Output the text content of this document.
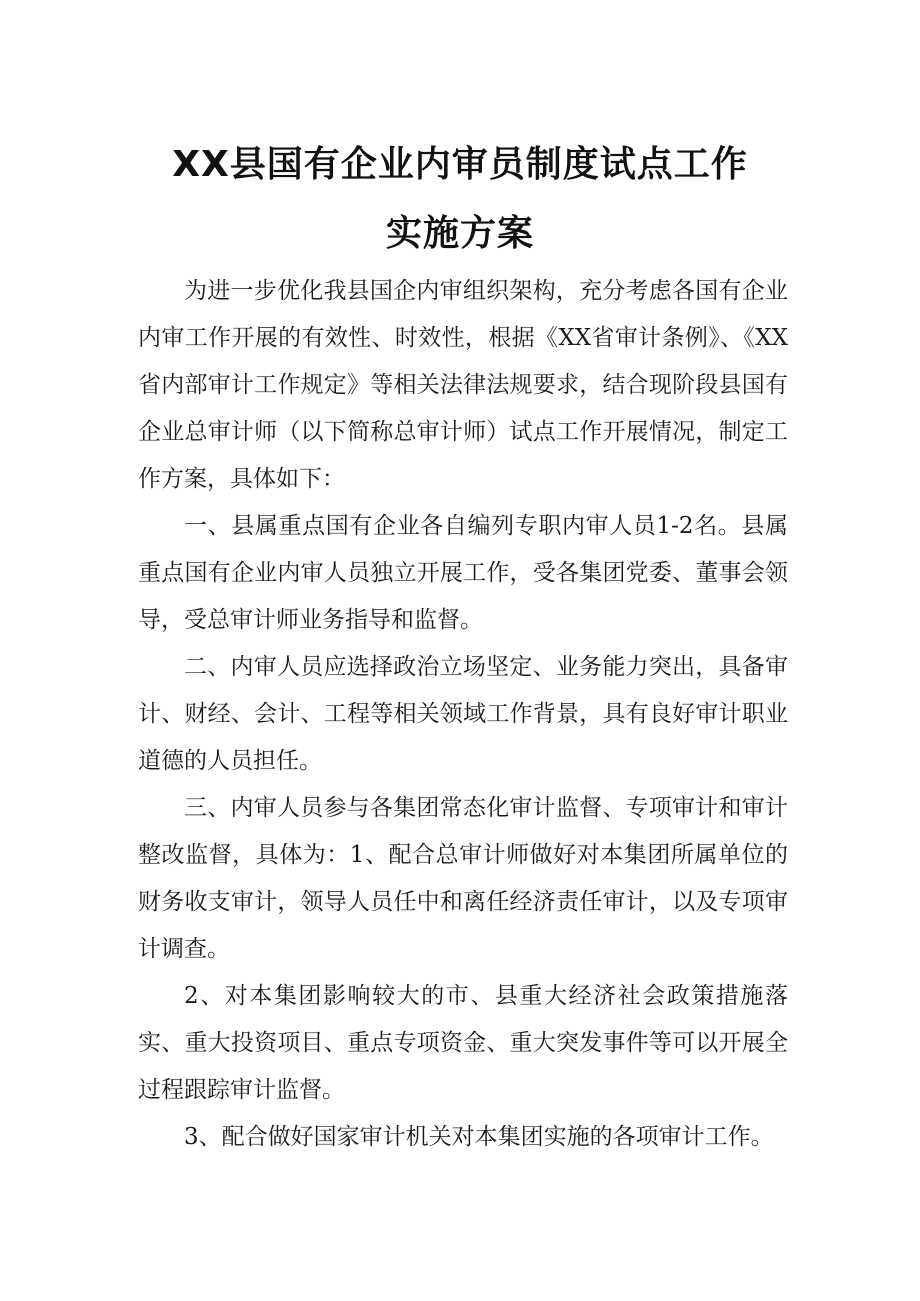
XX县国有企业内审员制度试点工作
实施方案

为进一步优化我县国企内审组织架构，充分考虑各国有企业内审工作开展的有效性、时效性，根据《XX省审计条例》、《XX省内部审计工作规定》等相关法律法规要求，结合现阶段县国有企业总审计师（以下简称总审计师）试点工作开展情况，制定工作方案，具体如下：

一、县属重点国有企业各自编列专职内审人员1-2名。县属重点国有企业内审人员独立开展工作，受各集团党委、董事会领导，受总审计师业务指导和监督。

二、内审人员应选择政治立场坚定、业务能力突出，具备审计、财经、会计、工程等相关领域工作背景，具有良好审计职业道德的人员担任。

三、内审人员参与各集团常态化审计监督、专项审计和审计整改监督，具体为：1、配合总审计师做好对本集团所属单位的财务收支审计，领导人员任中和离任经济责任审计，以及专项审计调查。

2、对本集团影响较大的市、县重大经济社会政策措施落实、重大投资项目、重点专项资金、重大突发事件等可以开展全过程跟踪审计监督。

3、配合做好国家审计机关对本集团实施的各项审计工作。
